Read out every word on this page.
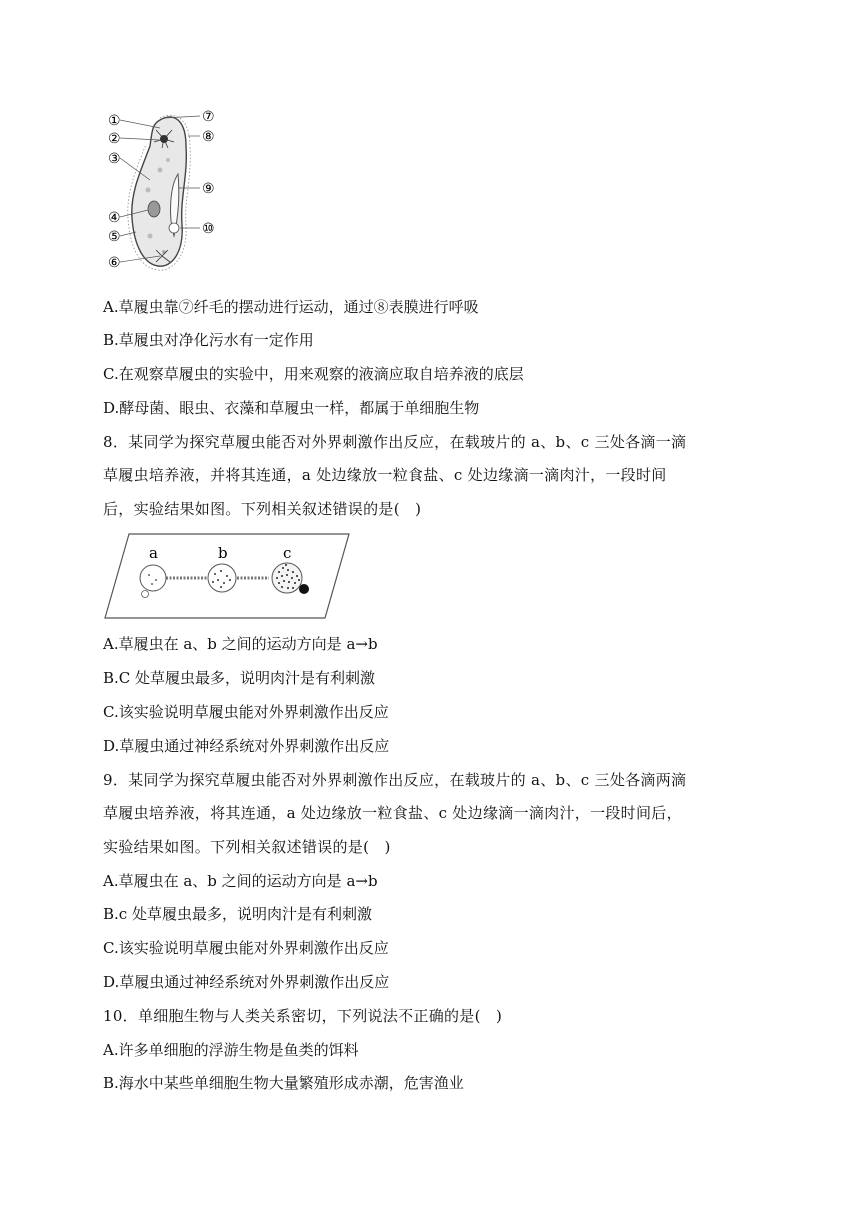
①
②
③
④
⑤
⑥
⑦
⑧
⑨
⑩
A.草履虫靠⑦纤毛的摆动进行运动，通过⑧表膜进行呼吸
B.草履虫对净化污水有一定作用
C.在观察草履虫的实验中，用来观察的液滴应取自培养液的底层
D.酵母菌、眼虫、衣藻和草履虫一样，都属于单细胞生物
8．某同学为探究草履虫能否对外界刺激作出反应，在载玻片的 a、b、c 三处各滴一滴
草履虫培养液，并将其连通，a 处边缘放一粒食盐、c 处边缘滴一滴肉汁，一段时间
后，实验结果如图。下列相关叙述错误的是(　)
a	b	c
A.草履虫在 a、b 之间的运动方向是 a→b
B.C 处草履虫最多，说明肉汁是有利刺激
C.该实验说明草履虫能对外界刺激作出反应
D.草履虫通过神经系统对外界刺激作出反应
9．某同学为探究草履虫能否对外界刺激作出反应，在载玻片的 a、b、c 三处各滴两滴
草履虫培养液，将其连通，a 处边缘放一粒食盐、c 处边缘滴一滴肉汁，一段时间后，
实验结果如图。下列相关叙述错误的是(　)
A.草履虫在 a、b 之间的运动方向是 a→b
B.c 处草履虫最多，说明肉汁是有利刺激
C.该实验说明草履虫能对外界刺激作出反应
D.草履虫通过神经系统对外界刺激作出反应
10．单细胞生物与人类关系密切，下列说法不正确的是(　)
A.许多单细胞的浮游生物是鱼类的饵料
B.海水中某些单细胞生物大量繁殖形成赤潮，危害渔业
